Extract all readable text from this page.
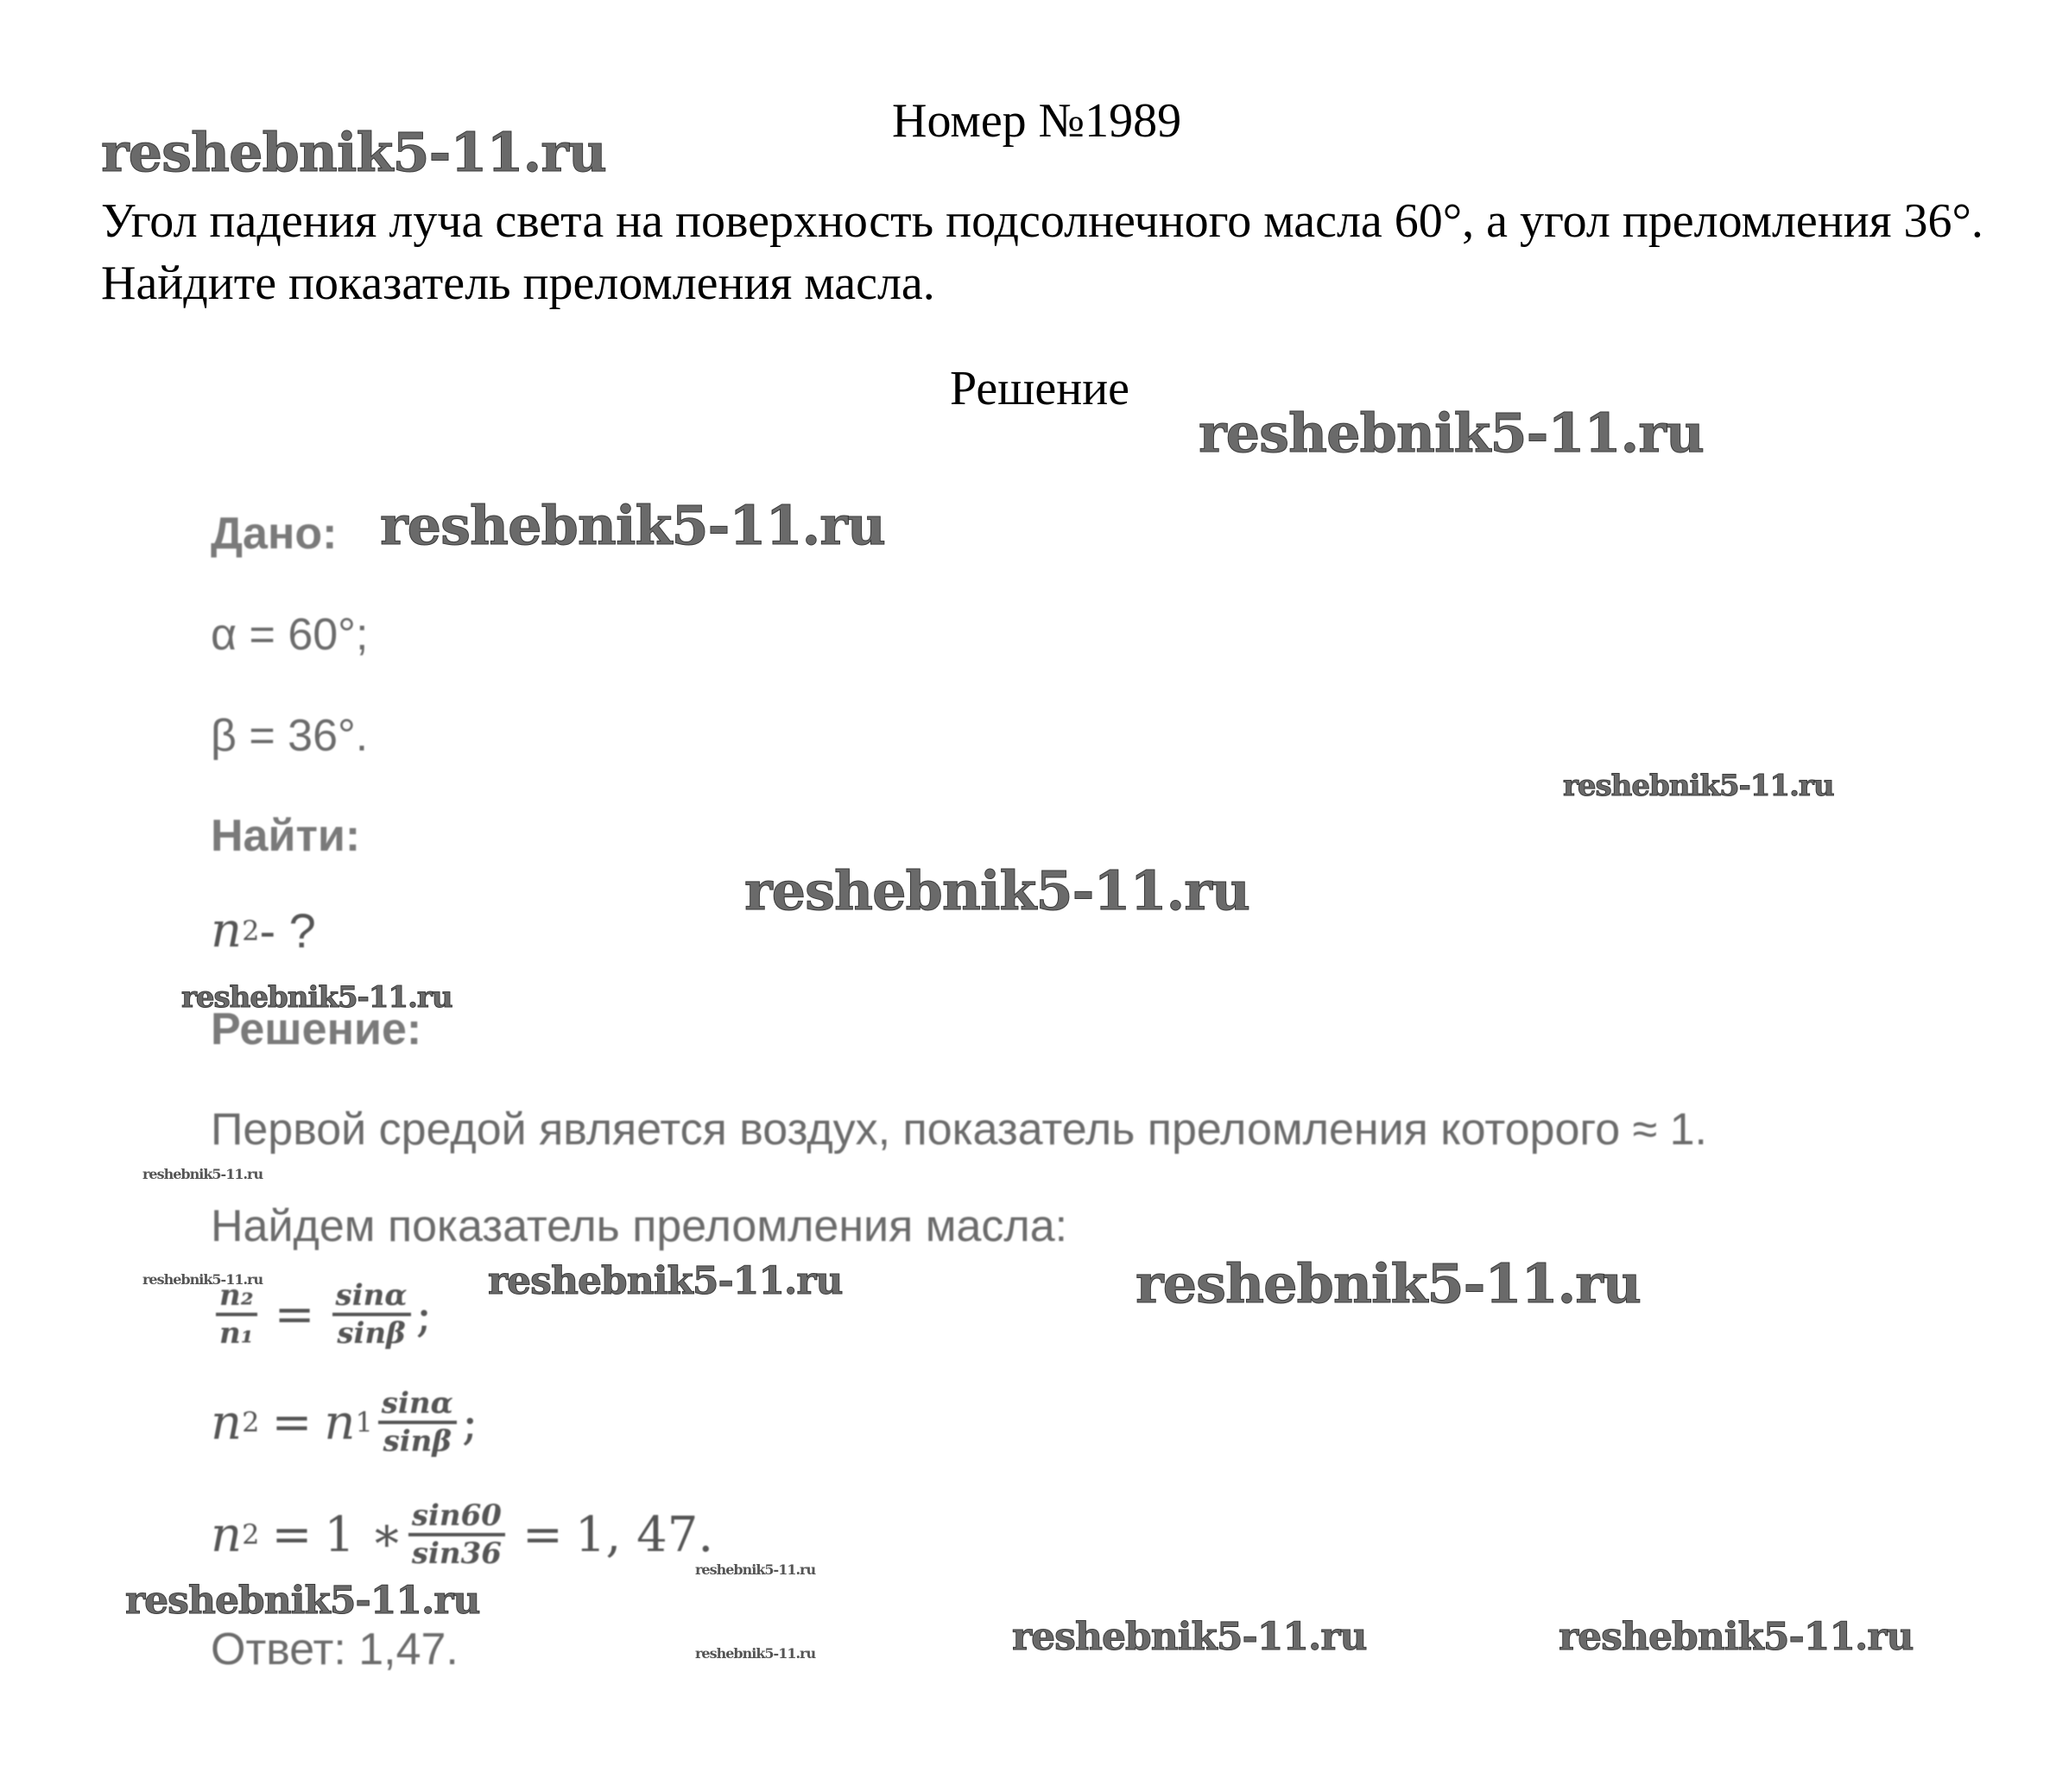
Номер №1989
Угол падения луча света на поверхность подсолнечного масла 60°, а угол преломления 36°. Найдите показатель преломления масла.
Решение
Дано:
α = 60°;
β = 36°.
Найти:
n 2 - ?
Решение:
Первой средой является воздух, показатель преломления которого ≈ 1.
Найдем показатель преломления масла:
$\frac{\text{n₂}}{\text{n₁}} = \frac{\sin\alpha}{\sin\beta}$ ;
n 2 = n $1 \frac{\sin\alpha}{\sin\beta}$ ;
n 2 = 1 ∗ $\frac{\sin 60}{\sin 36} = 1$, 47.
Ответ: 1,47.
reshebnik5-11.ru
reshebnik5-11.ru
reshebnik5-11.ru
reshebnik5-11.ru
reshebnik5-11.ru
reshebnik5-11.ru
reshebnik5-11.ru
reshebnik5-11.ru	reshebnik5-11.ru	reshebnik5-11.ru
reshebnik5-11.ru
reshebnik5-11.ru
reshebnik5-11.ru	reshebnik5-11.ru	reshebnik5-11.ru
